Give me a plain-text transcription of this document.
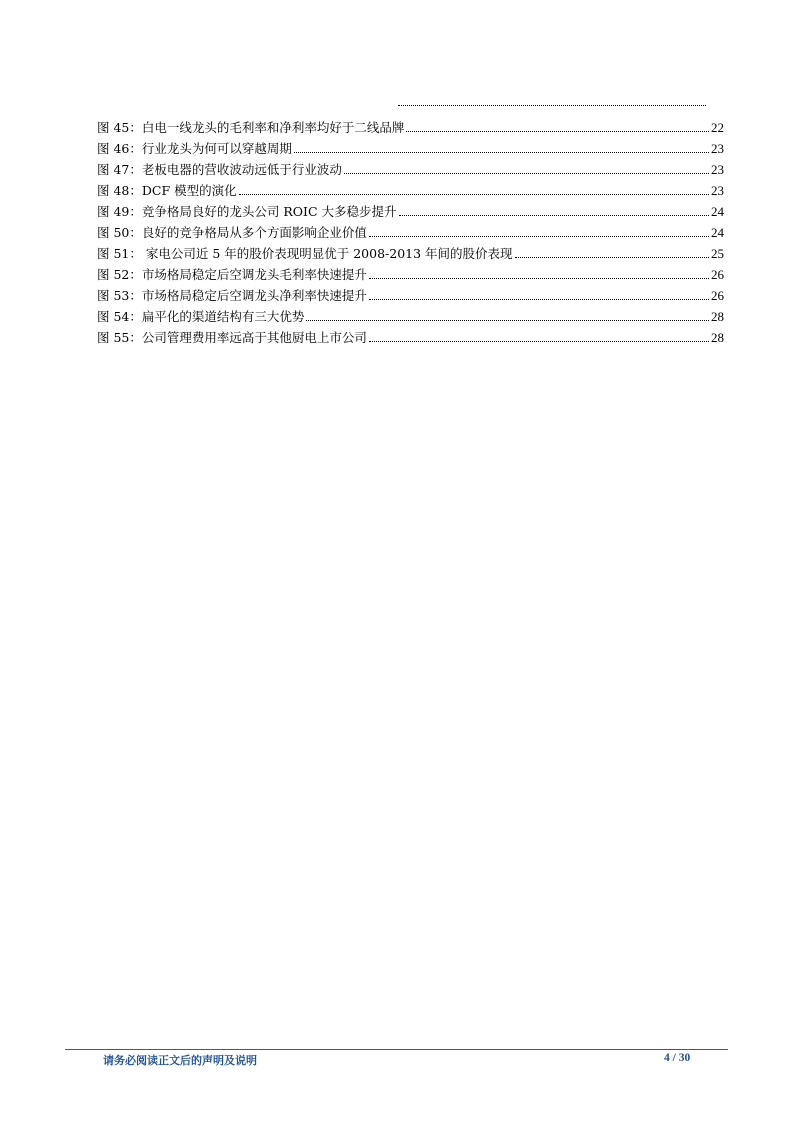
图 45：白电一线龙头的毛利率和净利率均好于二线品牌	22
图 46：行业龙头为何可以穿越周期	23
图 47：老板电器的营收波动远低于行业波动	23
图 48：DCF 模型的演化	23
图 49：竞争格局良好的龙头公司 ROIC 大多稳步提升	24
图 50：良好的竞争格局从多个方面影响企业价值	24
图 51： 家电公司近 5 年的股价表现明显优于 2008-2013 年间的股价表现	25
图 52：市场格局稳定后空调龙头毛利率快速提升	26
图 53：市场格局稳定后空调龙头净利率快速提升	26
图 54：扁平化的渠道结构有三大优势	28
图 55：公司管理费用率远高于其他厨电上市公司	28
请务必阅读正文后的声明及说明	4 / 30
